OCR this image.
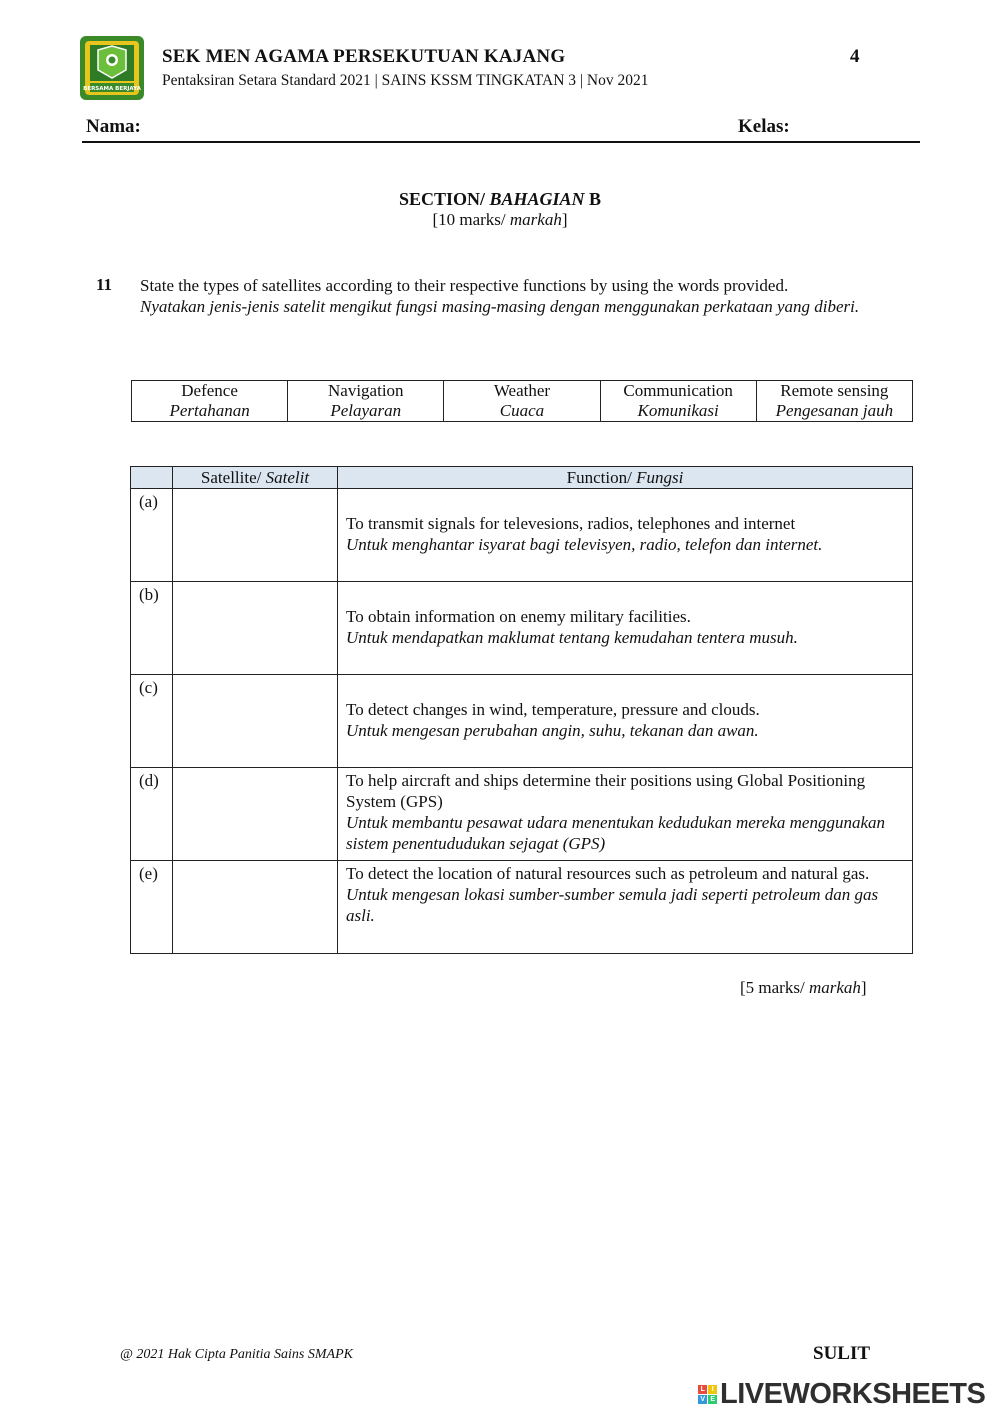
BERSAMA BERJAYA
SEK MEN AGAMA PERSEKUTUAN KAJANG	4
Pentaksiran Setara Standard 2021 | SAINS KSSM TINGKATAN 3 | Nov 2021
Nama:	Kelas:
SECTION/ BAHAGIAN B
[10 marks/ markah]
11 State the types of satellites according to their respective functions by using the words provided.
Nyatakan jenis-jenis satelit mengikut fungsi masing-masing dengan menggunakan perkataan yang diberi.
Defence
Pertahanan

Navigation
Pelayaran

Weather
Cuaca

Communication
Komunikasi

Remote sensing
Pengesanan jauh
	Satellite/ Satelit	Function/ Fungsi
(a)		To transmit signals for televesions, radios, telephones and internet
Untuk menghantar isyarat bagi televisyen, radio, telefon dan internet.

(b)		To obtain information on enemy military facilities.
Untuk mendapatkan maklumat tentang kemudahan tentera musuh.

(c)		To detect changes in wind, temperature, pressure and clouds.
Untuk mengesan perubahan angin, suhu, tekanan dan awan.

(d)		To help aircraft and ships determine their positions using Global Positioning System (GPS)
Untuk membantu pesawat udara menentukan kedudukan mereka menggunakan sistem penentududukan sejagat (GPS)

(e)		To detect the location of natural resources such as petroleum and natural gas.
Untuk mengesan lokasi sumber-sumber semula jadi seperti petroleum dan gas asli.
[5 marks/ markah]
@ 2021 Hak Cipta Panitia Sains SMAPK	SULIT
L	I
V E LIVEWORKSHEETS
